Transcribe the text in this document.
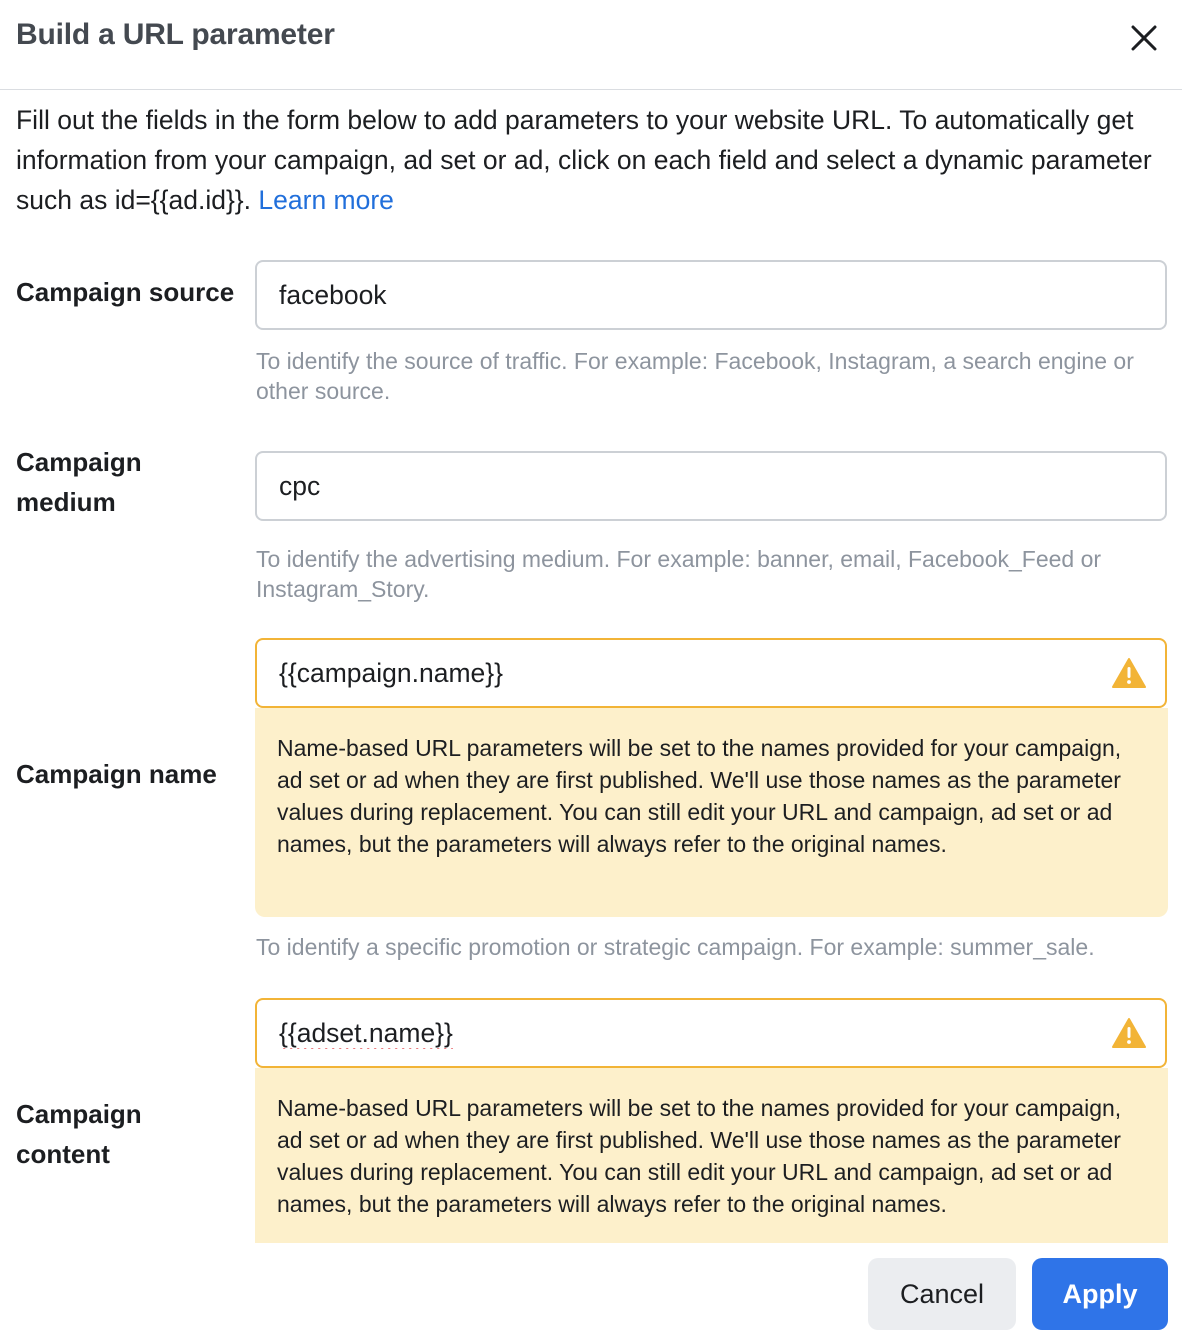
Build a URL parameter
Fill out the fields in the form below to add parameters to your website URL. To automatically get information from your campaign, ad set or ad, click on each field and select a dynamic parameter such as id={{ad.id}}. Learn more
Campaign source
facebook
To identify the source of traffic. For example: Facebook, Instagram, a search engine or other source.
Campaign
medium
cpc
To identify the advertising medium. For example: banner, email, Facebook_Feed or Instagram_Story.
Campaign name
{{campaign.name}}
Name-based URL parameters will be set to the names provided for your campaign, ad set or ad when they are first published. We'll use those names as the parameter values during replacement. You can still edit your URL and campaign, ad set or ad names, but the parameters will always refer to the original names.
To identify a specific promotion or strategic campaign. For example: summer_sale.
Campaign
content
{{adset.name}}
Name-based URL parameters will be set to the names provided for your campaign, ad set or ad when they are first published. We'll use those names as the parameter values during replacement. You can still edit your URL and campaign, ad set or ad names, but the parameters will always refer to the original names.
Cancel	Apply
